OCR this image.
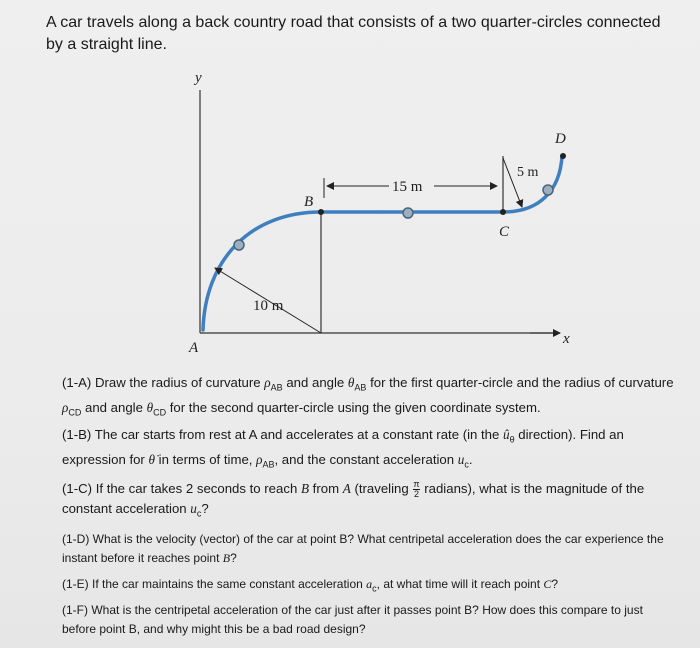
A car travels along a back country road that consists of a two quarter-circles connected by a straight line.
y
x
A
B
C
D
10 m
15 m
5 m
(1-A) Draw the radius of curvature $\rho_{AB}$ and angle $\theta_{AB}$ for the first quarter-circle and the radius of curvature $\rho_{CD}$ and angle $\theta_{CD}$ for the second quarter-circle using the given coordinate system.
(1-B) The car starts from rest at A and accelerates at a constant rate (in the $û_\theta$ direction). Find an expression for θ̇ in terms of time, $\rho_{AB}$, and the constant acceleration $u_c$.
(1-C) If the car takes 2 seconds to reach B from A (traveling $\frac{\pi}{2}$ radians), what is the magnitude of the constant acceleration $u_c$?
(1-D) What is the velocity (vector) of the car at point B? What centripetal acceleration does the car experience the instant before it reaches point B?
(1-E) If the car maintains the same constant acceleration $a_c$, at what time will it reach point C?
(1-F) What is the centripetal acceleration of the car just after it passes point B? How does this compare to just before point B, and why might this be a bad road design?
